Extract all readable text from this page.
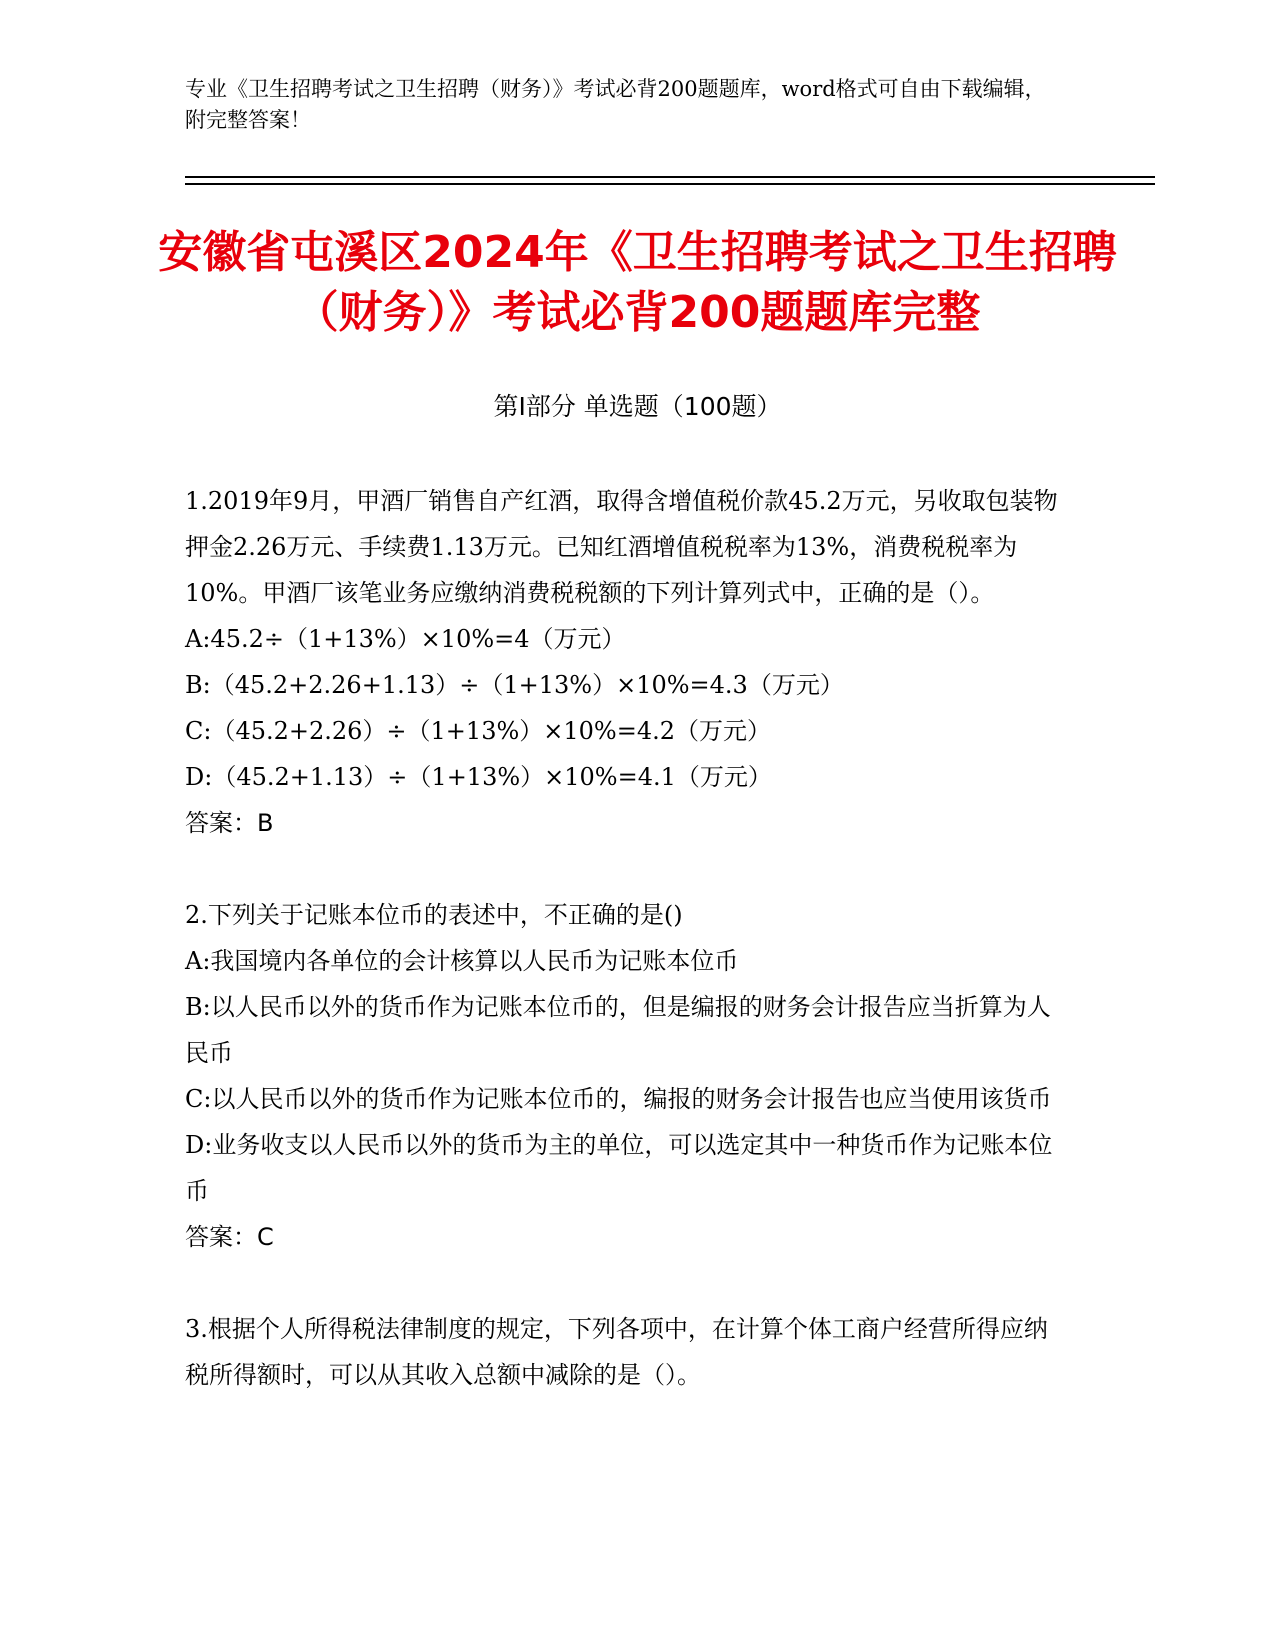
专业《卫生招聘考试之卫生招聘（财务）》考试必背200题题库，word格式可自由下载编辑，附完整答案！
安徽省屯溪区2024年《卫生招聘考试之卫生招聘（财务）》考试必背200题题库完整
第Ⅰ部分 单选题（100题）

1.2019年9月，甲酒厂销售自产红酒，取得含增值税价款45.2万元，另收取包装物押金2.26万元、手续费1.13万元。已知红酒增值税税率为13%，消费税税率为10%。甲酒厂该笔业务应缴纳消费税税额的下列计算列式中，正确的是（）。

A:45.2÷（1+13%）×10%=4（万元）

B:（45.2+2.26+1.13）÷（1+13%）×10%=4.3（万元）

C:（45.2+2.26）÷（1+13%）×10%=4.2（万元）

D:（45.2+1.13）÷（1+13%）×10%=4.1（万元）

答案：B

2.下列关于记账本位币的表述中，不正确的是()

A:我国境内各单位的会计核算以人民币为记账本位币

B:以人民币以外的货币作为记账本位币的，但是编报的财务会计报告应当折算为人民币

C:以人民币以外的货币作为记账本位币的，编报的财务会计报告也应当使用该货币

D:业务收支以人民币以外的货币为主的单位，可以选定其中一种货币作为记账本位币

答案：C

3.根据个人所得税法律制度的规定，下列各项中，在计算个体工商户经营所得应纳税所得额时，可以从其收入总额中减除的是（）。
